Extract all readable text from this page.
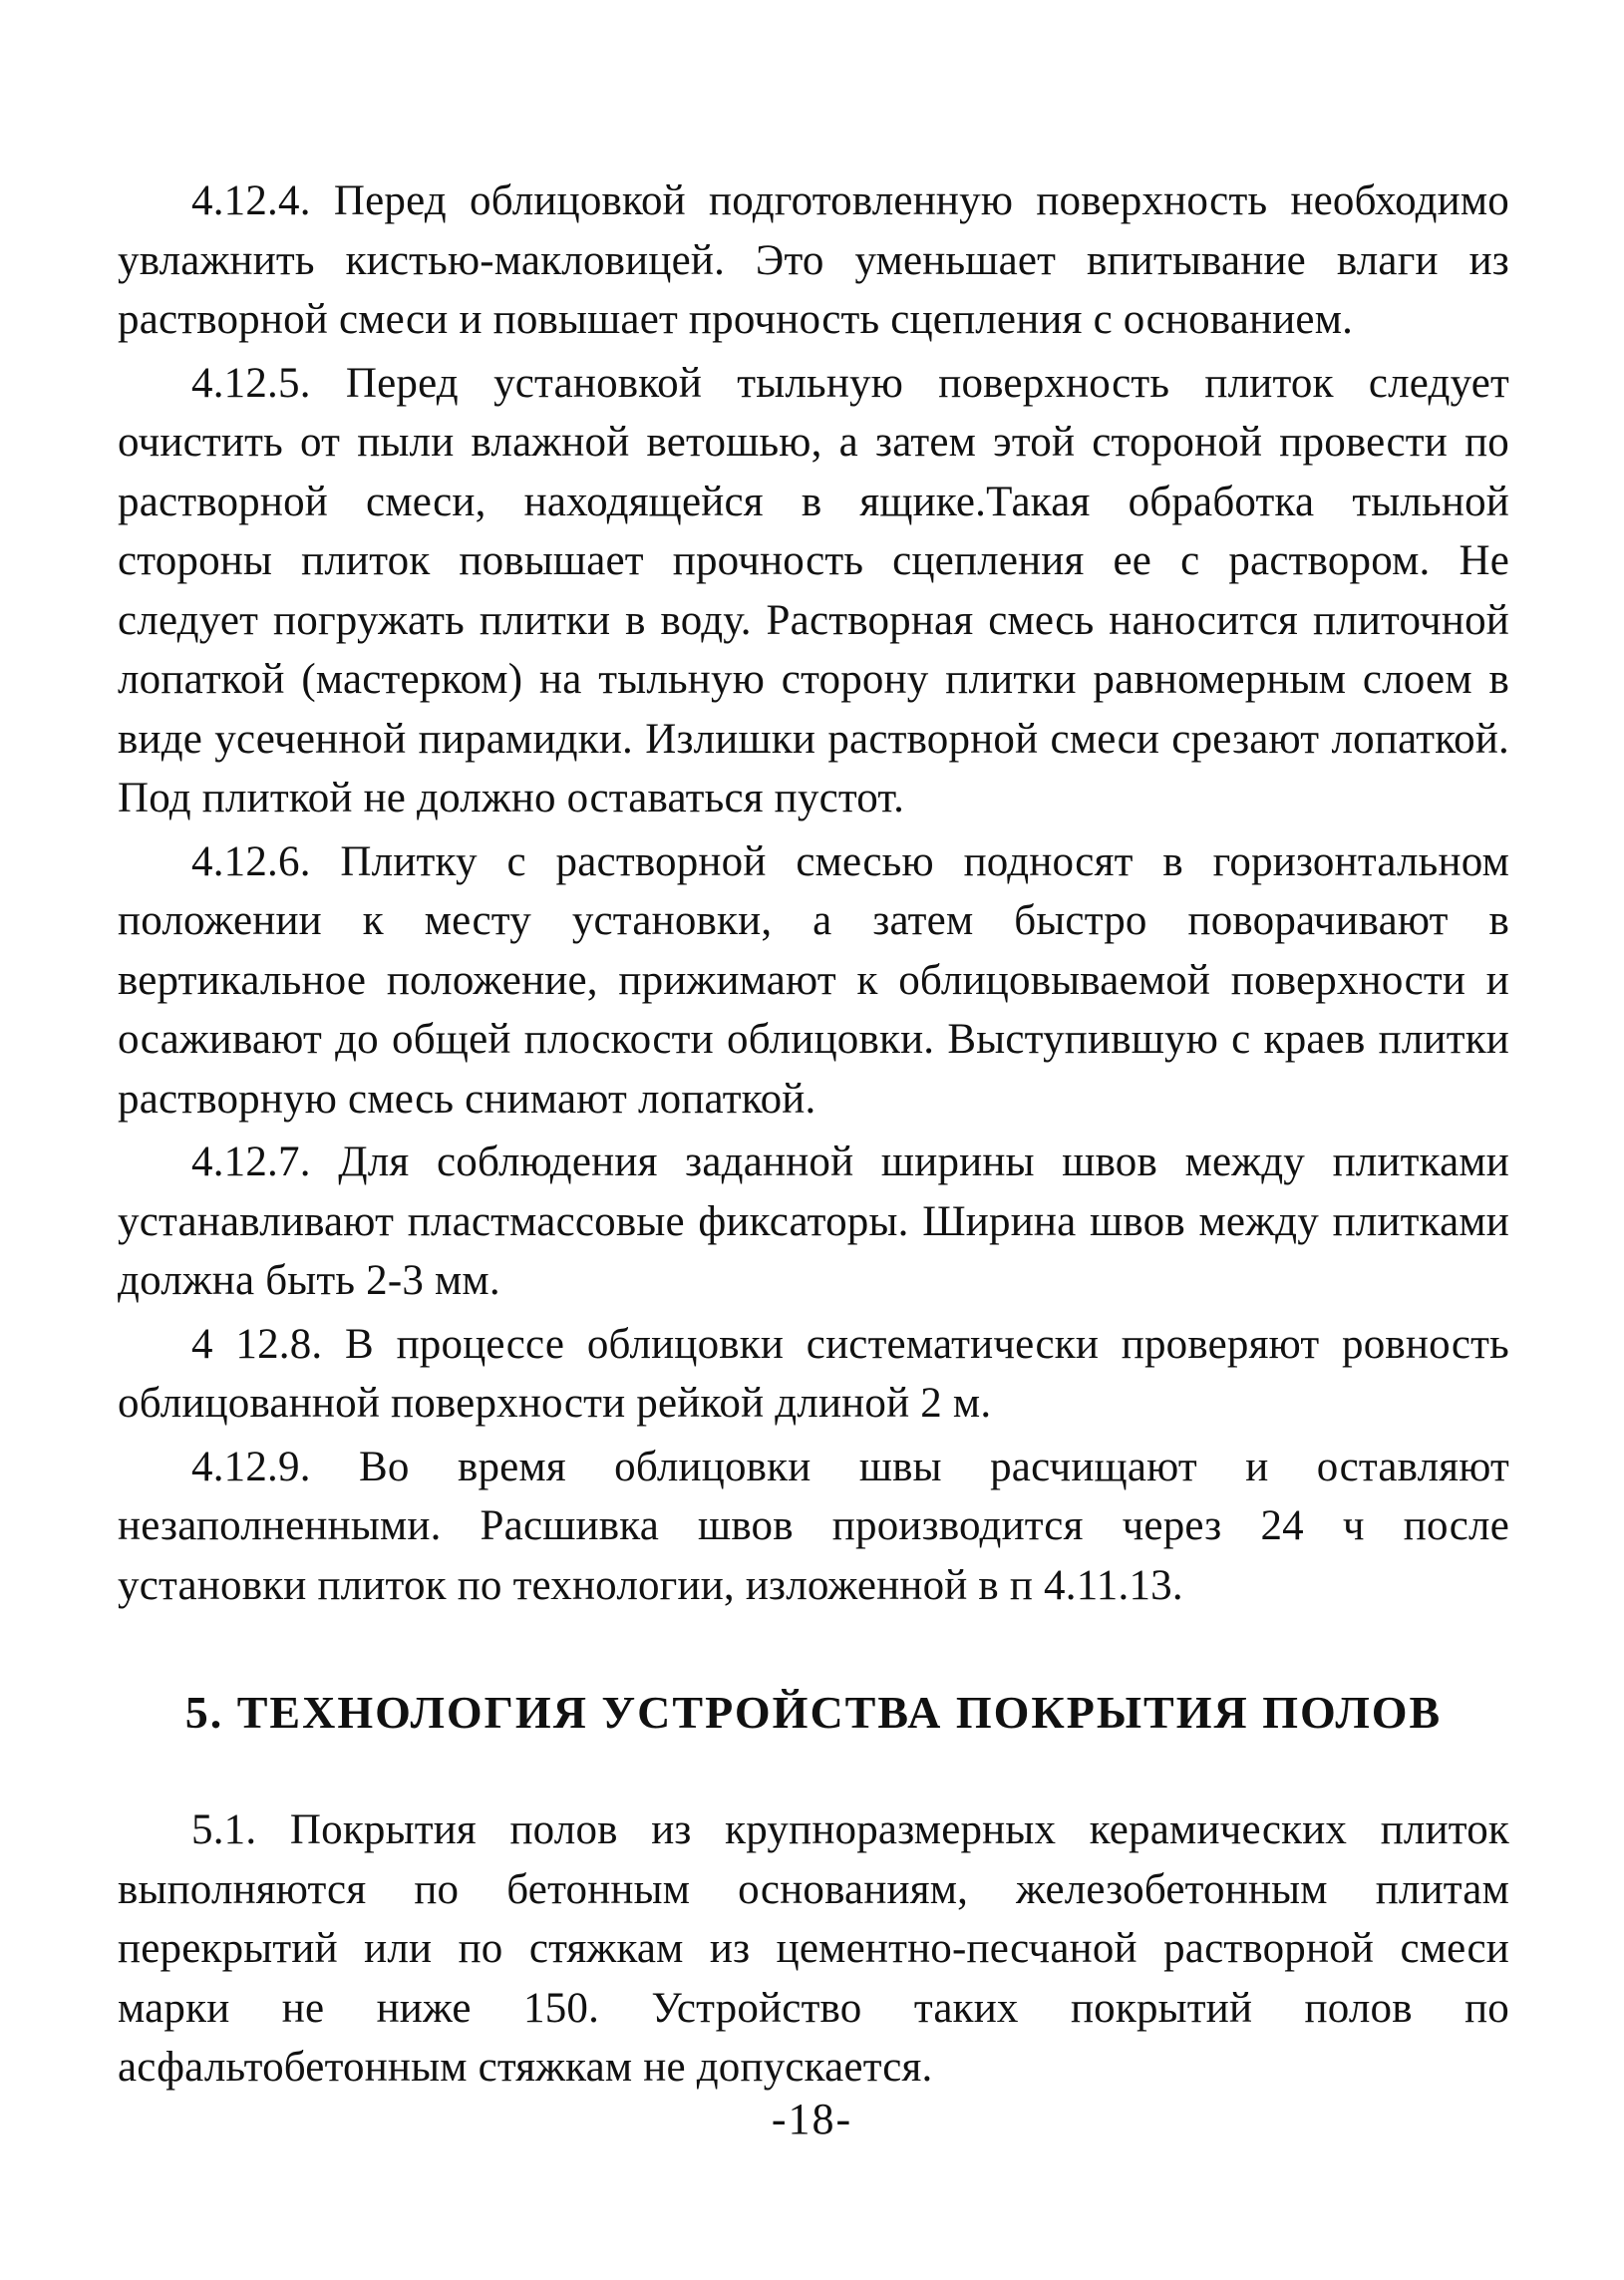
4.12.4. Перед облицовкой подготовленную поверхность необходимо увлажнить кистью-макловицей. Это уменьшает впитывание влаги из растворной смеси и повышает прочность сцепления с основанием.

4.12.5. Перед установкой тыльную поверхность плиток следует очистить от пыли влажной ветошью, а затем этой стороной провести по растворной смеси, находящейся в ящике.Такая обработка тыльной стороны плиток повышает прочность сцепления ее с раствором. Не следует погружать плитки в воду. Растворная смесь наносится плиточной лопаткой (мастерком) на тыльную сторону плитки равномерным слоем в виде усеченной пирамидки. Излишки растворной смеси срезают лопаткой. Под плиткой не должно оставаться пустот.

4.12.6. Плитку с растворной смесью подносят в горизонтальном положении к месту установки, а затем быстро поворачивают в вертикальное положение, прижимают к облицовываемой поверхности и осаживают до общей плоскости облицовки. Выступившую с краев плитки растворную смесь снимают лопаткой.

4.12.7. Для соблюдения заданной ширины швов между плитками устанавливают пластмассовые фиксаторы. Ширина швов между плитками должна быть 2-3 мм.

4 12.8. В процессе облицовки систематически проверяют ровность облицованной поверхности рейкой длиной 2 м.

4.12.9. Во время облицовки швы расчищают и оставляют незаполненными. Расшивка швов производится через 24 ч после установки плиток по технологии, изложенной в п 4.11.13.

5. ТЕХНОЛОГИЯ УСТРОЙСТВА ПОКРЫТИЯ ПОЛОВ

5.1. Покрытия полов из крупноразмерных керамических плиток выполняются по бетонным основаниям, железобетонным плитам перекрытий или по стяжкам из цементно-песчаной растворной смеси марки не ниже 150. Устройство таких покрытий полов по асфальтобетонным стяжкам не допускается.

-18-
